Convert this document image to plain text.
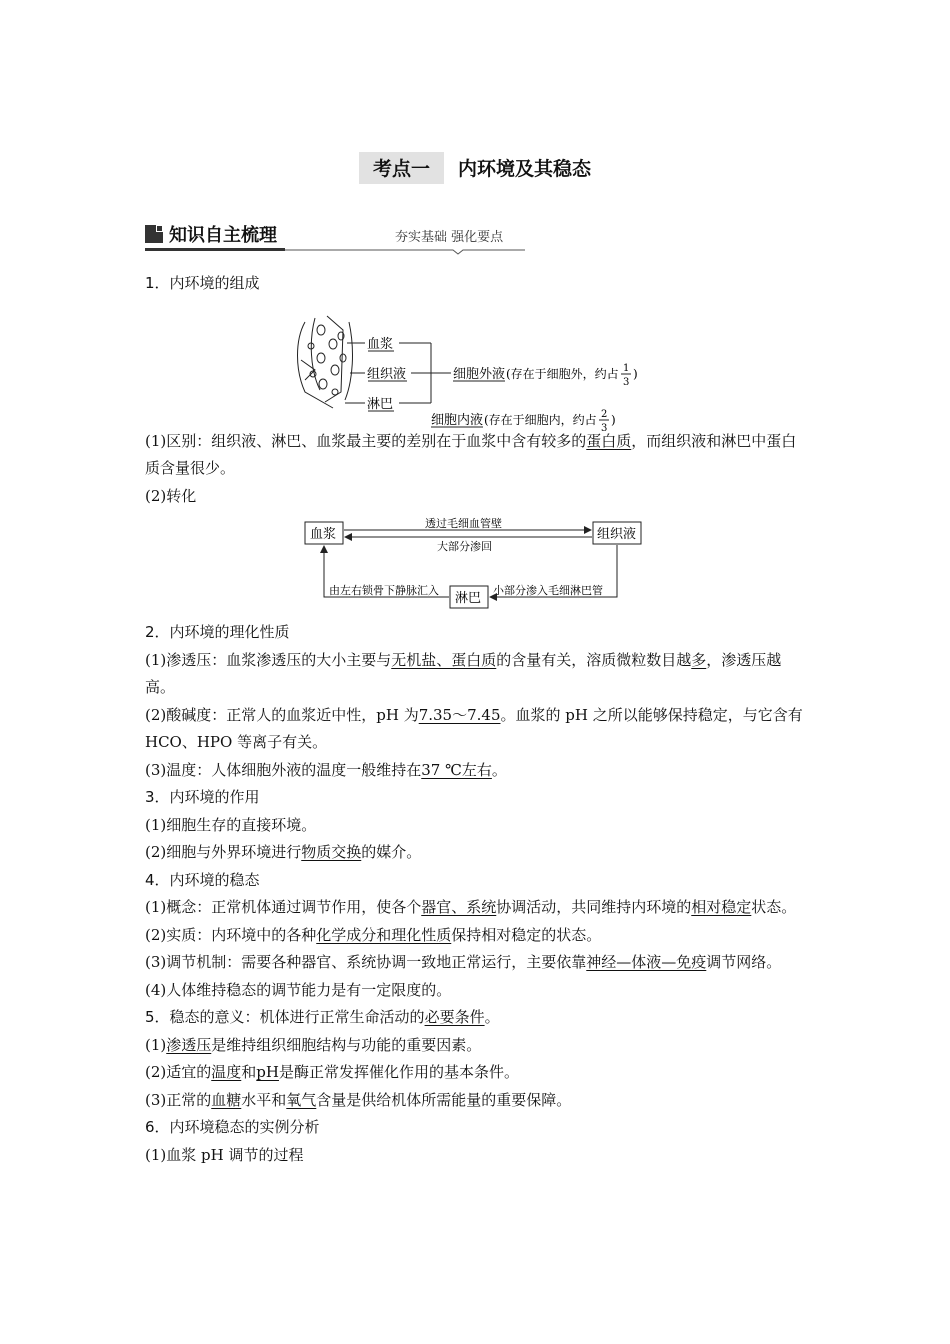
考点一 内环境及其稳态
知识自主梳理	夯实基础 强化要点

1．内环境的组成

血浆
组织液
淋巴
细胞外液 (存在于细胞外，约占 1
3
)
细胞内液 (存在于细胞内，约占 2
3
)

(1)区别：组织液、淋巴、血浆最主要的差别在于血浆中含有较多的蛋白质，而组织液和淋巴中蛋白质含量很少。

(2)转化

血浆	组织液
淋巴
透过毛细血管壁
大部分渗回
小部分渗入毛细淋巴管
由左右锁骨下静脉汇入

2．内环境的理化性质

(1)渗透压：血浆渗透压的大小主要与无机盐、蛋白质的含量有关，溶质微粒数目越多，渗透压越高。

(2)酸碱度：正常人的血浆近中性，pH 为7.35～7.45。血浆的 pH 之所以能够保持稳定，与它含有 HCO、HPO 等离子有关。

(3)温度：人体细胞外液的温度一般维持在37 ℃左右。

3．内环境的作用

(1)细胞生存的直接环境。

(2)细胞与外界环境进行物质交换的媒介。

4．内环境的稳态

(1)概念：正常机体通过调节作用，使各个器官、系统协调活动，共同维持内环境的相对稳定状态。

(2)实质：内环境中的各种化学成分和理化性质保持相对稳定的状态。

(3)调节机制：需要各种器官、系统协调一致地正常运行，主要依靠神经—体液—免疫调节网络。

(4)人体维持稳态的调节能力是有一定限度的。

5．稳态的意义：机体进行正常生命活动的必要条件。

(1)渗透压是维持组织细胞结构与功能的重要因素。

(2)适宜的温度和pH是酶正常发挥催化作用的基本条件。

(3)正常的血糖水平和氧气含量是供给机体所需能量的重要保障。

6．内环境稳态的实例分析

(1)血浆 pH 调节的过程
